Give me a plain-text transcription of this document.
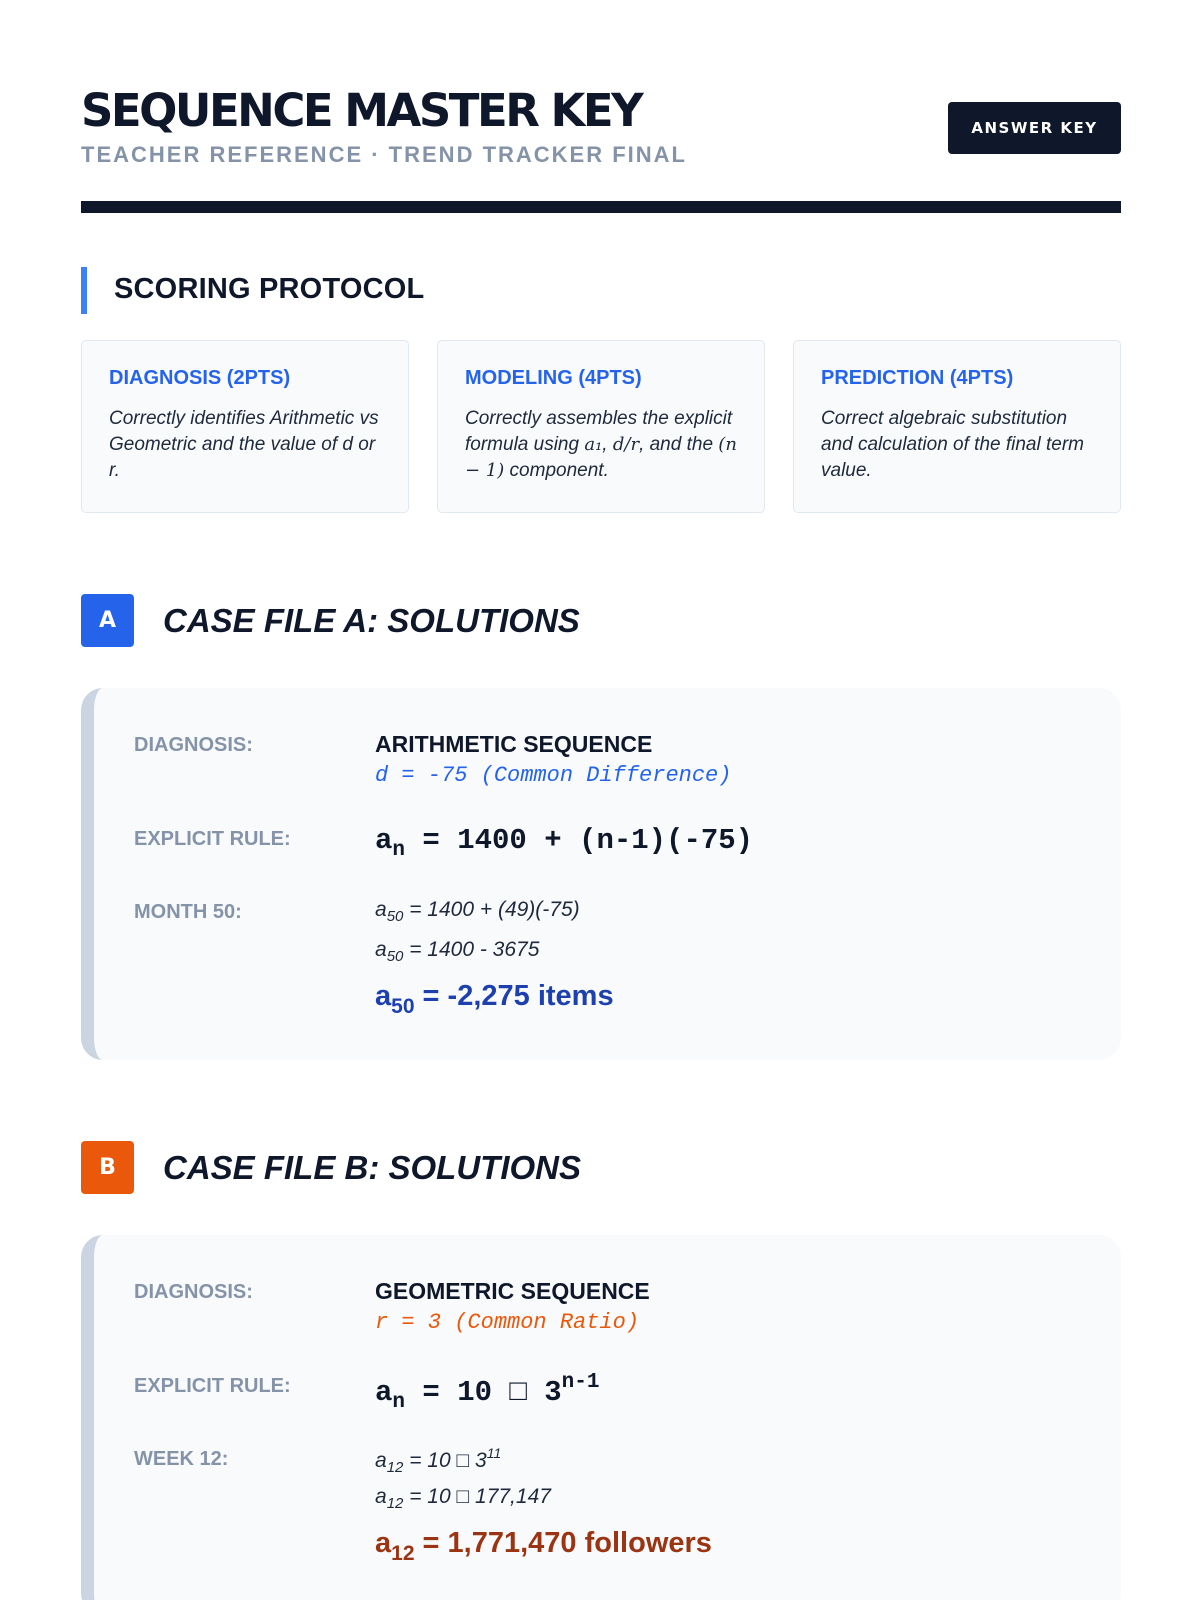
SEQUENCE MASTER KEY
TEACHER REFERENCE · TREND TRACKER FINAL
ANSWER KEY
SCORING PROTOCOL
DIAGNOSIS (2PTS)
Correctly identifies Arithmetic vs Geometric and the value of d or r.
MODELING (4PTS)
Correctly assembles the explicit formula using a₁, d/r, and the (n − 1) component.
PREDICTION (4PTS)
Correct algebraic substitution and calculation of the final term value.
A	CASE FILE A: SOLUTIONS
DIAGNOSIS:	ARITHMETIC SEQUENCE
d = -75 (Common Difference)
EXPLICIT RULE:	$a_n = 1400 + (n-1)(-75)$
MONTH 50:	$a_{50} = 1400 + (49)(-75)$
$a_{50} = 1400 - 3675$
$a_{50} = -2,275$ items
B	CASE FILE B: SOLUTIONS
DIAGNOSIS:	GEOMETRIC SEQUENCE
r = 3 (Common Ratio)
EXPLICIT RULE:	$a_n = 10$ □ 3$^{n-1}$
WEEK 12:	$a_{12} = 10$ □ $3^{11}$
$a_{12} = 10$ □ 177,147
$a_{12} = 1,771,470$ followers
